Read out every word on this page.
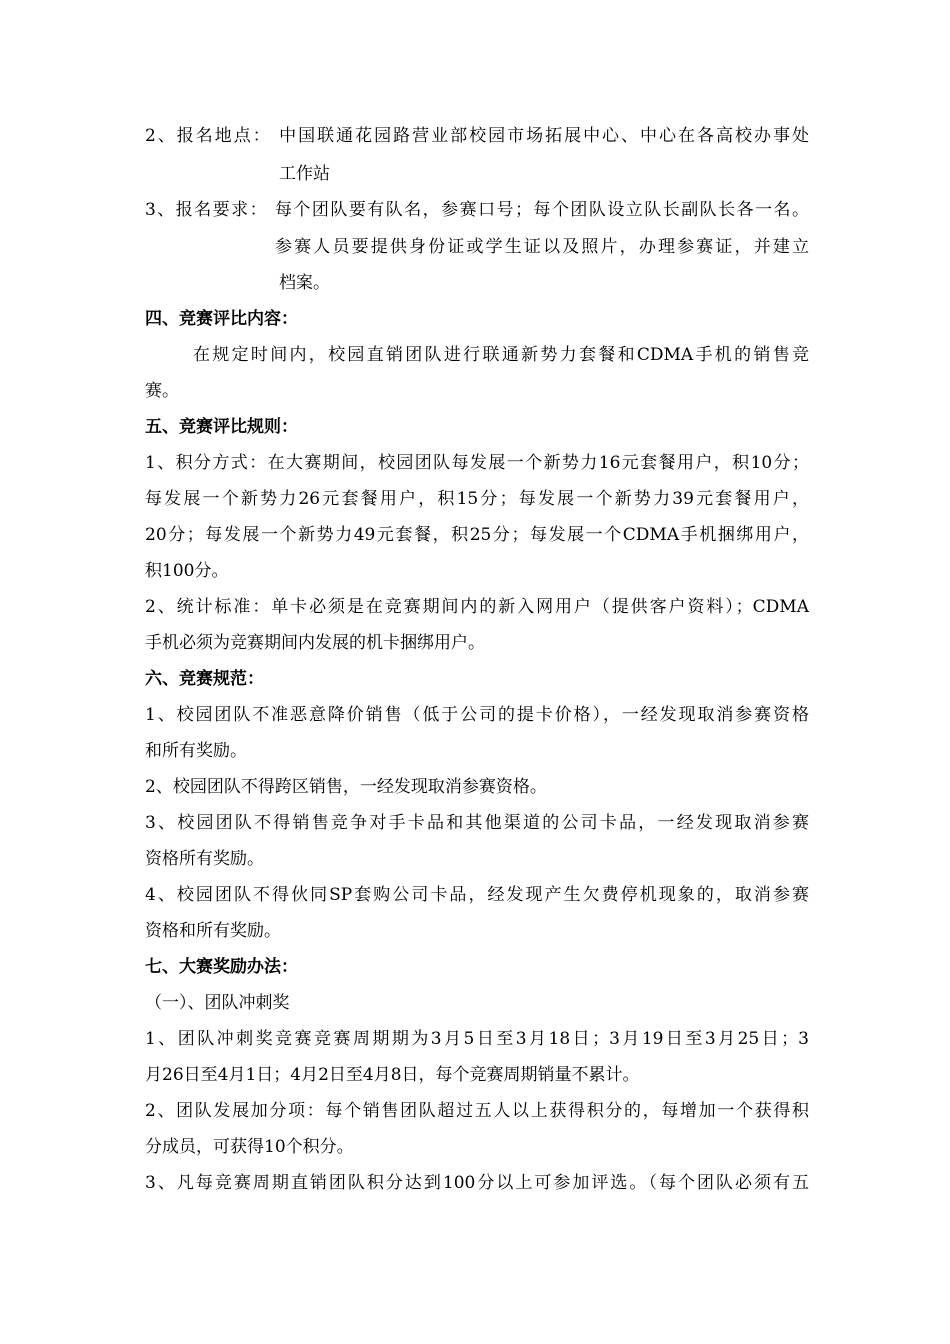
2、报名地点： 中国联通花园路营业部校园市场拓展中心、中心在各高校办事处
工作站
3、报名要求： 每个团队要有队名，参赛口号；每个团队设立队长副队长各一名。
参赛人员要提供身份证或学生证以及照片，办理参赛证，并建立
档案。
四、竞赛评比内容：
在规定时间内，校园直销团队进行联通新势力套餐和CDMA手机的销售竞
赛。
五、竞赛评比规则：
1、积分方式：在大赛期间，校园团队每发展一个新势力16元套餐用户，积10分；
每发展一个新势力26元套餐用户，积15分；每发展一个新势力39元套餐用户，
20分；每发展一个新势力49元套餐，积25分；每发展一个CDMA手机捆绑用户，
积100分。
2、统计标准：单卡必须是在竞赛期间内的新入网用户（提供客户资料）；CDMA
手机必须为竞赛期间内发展的机卡捆绑用户。
六、竞赛规范：
1、校园团队不准恶意降价销售（低于公司的提卡价格），一经发现取消参赛资格
和所有奖励。
2、校园团队不得跨区销售，一经发现取消参赛资格。
3、校园团队不得销售竞争对手卡品和其他渠道的公司卡品，一经发现取消参赛
资格所有奖励。
4、校园团队不得伙同SP套购公司卡品，经发现产生欠费停机现象的，取消参赛
资格和所有奖励。
七、大赛奖励办法：
（一）、团队冲刺奖
1、团队冲刺奖竞赛竞赛周期期为3月5日至3月18日；3月19日至3月25日；3
月26日至4月1日；4月2日至4月8日，每个竞赛周期销量不累计。
2、团队发展加分项：每个销售团队超过五人以上获得积分的，每增加一个获得积
分成员，可获得10个积分。
3、凡每竞赛周期直销团队积分达到100分以上可参加评选。（每个团队必须有五
